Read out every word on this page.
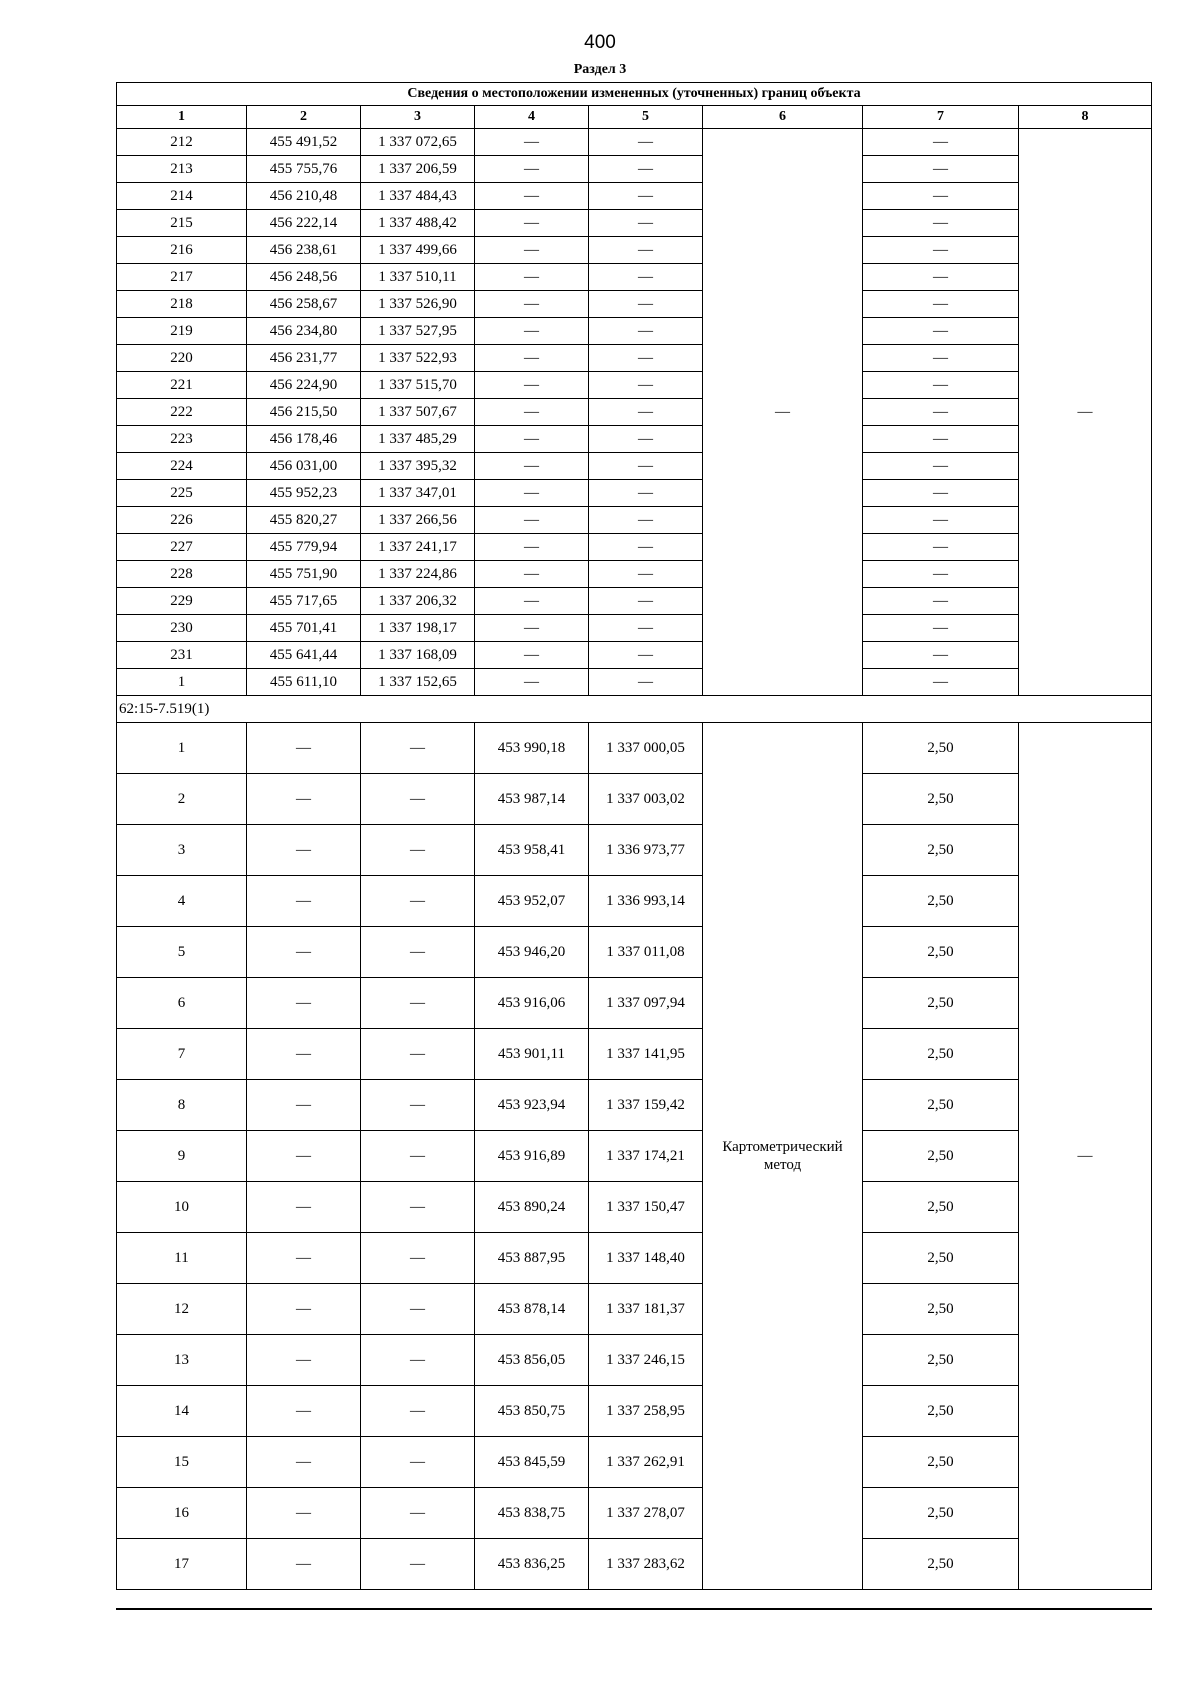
400
Раздел 3
Сведения о местоположении измененных (уточненных) границ объекта							
1	2	3	4	5	6	7	8
212	455 491,52	1 337 072,65	—	—	—	—	—
213	455 755,76	1 337 206,59	—	—		—	
214	456 210,48	1 337 484,43	—	—		—	
215	456 222,14	1 337 488,42	—	—		—	
216	456 238,61	1 337 499,66	—	—		—	
217	456 248,56	1 337 510,11	—	—		—	
218	456 258,67	1 337 526,90	—	—		—	
219	456 234,80	1 337 527,95	—	—		—	
220	456 231,77	1 337 522,93	—	—		—	
221	456 224,90	1 337 515,70	—	—		—	
222	456 215,50	1 337 507,67	—	—		—	
223	456 178,46	1 337 485,29	—	—		—	
224	456 031,00	1 337 395,32	—	—		—	
225	455 952,23	1 337 347,01	—	—		—	
226	455 820,27	1 337 266,56	—	—		—	
227	455 779,94	1 337 241,17	—	—		—	
228	455 751,90	1 337 224,86	—	—		—	
229	455 717,65	1 337 206,32	—	—		—	
230	455 701,41	1 337 198,17	—	—		—	
231	455 641,44	1 337 168,09	—	—		—	
1	455 611,10	1 337 152,65	—	—		—	
62:15-7.519(1)							
1	—	—	453 990,18	1 337 000,05	Картометрический метод	2,50	—
2	—	—	453 987,14	1 337 003,02		2,50	
3	—	—	453 958,41	1 336 973,77		2,50	
4	—	—	453 952,07	1 336 993,14		2,50	
5	—	—	453 946,20	1 337 011,08		2,50	
6	—	—	453 916,06	1 337 097,94		2,50	
7	—	—	453 901,11	1 337 141,95		2,50	
8	—	—	453 923,94	1 337 159,42		2,50	
9	—	—	453 916,89	1 337 174,21		2,50	
10	—	—	453 890,24	1 337 150,47		2,50	
11	—	—	453 887,95	1 337 148,40		2,50	
12	—	—	453 878,14	1 337 181,37		2,50	
13	—	—	453 856,05	1 337 246,15		2,50	
14	—	—	453 850,75	1 337 258,95		2,50	
15	—	—	453 845,59	1 337 262,91		2,50	
16	—	—	453 838,75	1 337 278,07		2,50	
17	—	—	453 836,25	1 337 283,62		2,50	
